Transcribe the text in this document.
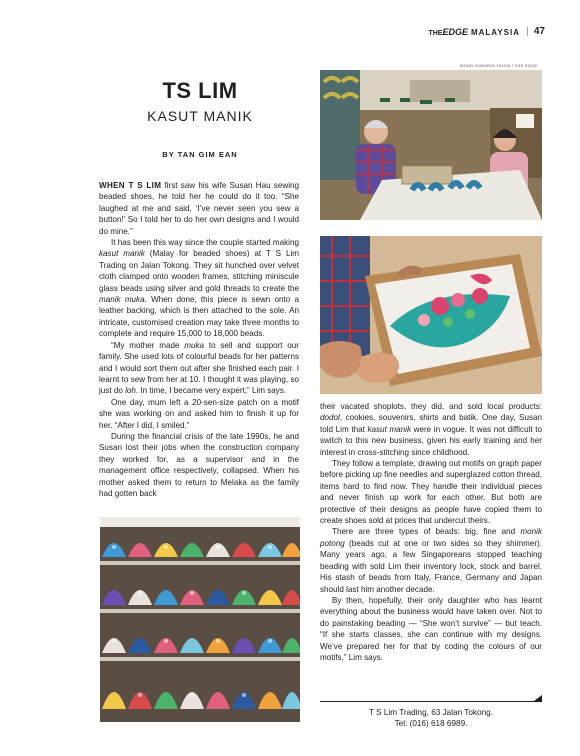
THEEDGE MALAYSIA
|	47
TS LIM
KASUT MANIK
BY TAN GIM EAN

WHEN T S LIM first saw his wife Susan Hau sewing beaded shoes, he told her he could do it too. “She laughed at me and said, ‘I’ve never seen you sew a button!’ So I told her to do her own designs and I would do mine.”

It has been this way since the couple started making kasut manik (Malay for beaded shoes) at T S Lim Trading on Jalan Tokong. They sit hunched over velvet cloth clamped onto wooden frames, stitching miniscule glass beads using silver and gold threads to create the manik muka. When done, this piece is sewn onto a leather backing, which is then attached to the sole. An intricate, customised creation may take three months to complete and require 15,000 to 18,000 beads.

“My mother made muka to sell and support our family. She used lots of colourful beads for her patterns and I would sort them out after she finished each pair. I learnt to sew from her at 10. I thought it was playing, so just do loh. In time, I became very expert,” Lim says.

One day, mum left a 20-sen-size patch on a motif she was working on and asked him to finish it up for her. “After I did, I smiled.”

During the financial crisis of the late 1990s, he and Susan lost their jobs when the construction company they worked for, as a supervisor and in the management office respectively, collapsed. When his mother asked them to return to Melaka as the family had gotten back

their vacated shoplots, they did, and sold local products: dodol, cookies, souvenirs, shirts and batik. One day, Susan told Lim that kasut manik were in vogue. It was not difficult to switch to this new business, given his early training and her interest in cross-stitching since childhood.

They follow a template, drawing out motifs on graph paper before picking up fine needles and superglazed cotton thread, items hard to find now. They handle their individual pieces and never finish up work for each other. But both are protective of their designs as people have copied them to create shoes sold at prices that undercut theirs.

There are three types of beads: big, fine and monik potong (beads cut at one or two sides so they shimmer). Many years ago, a few Singaporeans stopped teaching beading with sold Lim their inventory lock, stock and barrel. His stash of beads from Italy, France, Germany and Japan should last him another decade.

By then, hopefully, their only daughter who has learnt everything about the business would have taken over. Not to do painstaking beading — “She won’t survive” — but teach. “If she starts classes, she can continue with my designs. We’ve prepared her for that by coding the colours of our motifs,” Lim says.

MOHD SHAHRIN YAHYA / THE EDGE
T S Lim Trading, 63 Jalan Tokong.
Tel: (016) 618 6989.
